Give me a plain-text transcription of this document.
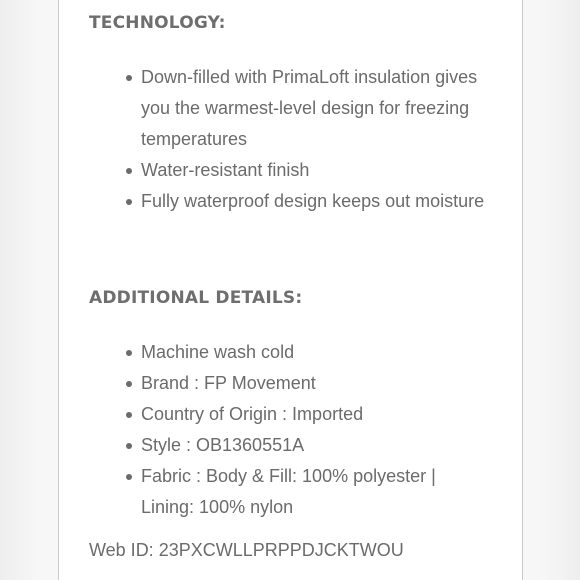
TECHNOLOGY:
Down-filled with PrimaLoft insulation gives you the warmest-level design for freezing temperatures
Water-resistant finish
Fully waterproof design keeps out moisture
ADDITIONAL DETAILS:
Machine wash cold
Brand : FP Movement
Country of Origin : Imported
Style : OB1360551A
Fabric : Body & Fill: 100% polyester | Lining: 100% nylon
Web ID: 23PXCWLLPRPPDJCKTWOU
